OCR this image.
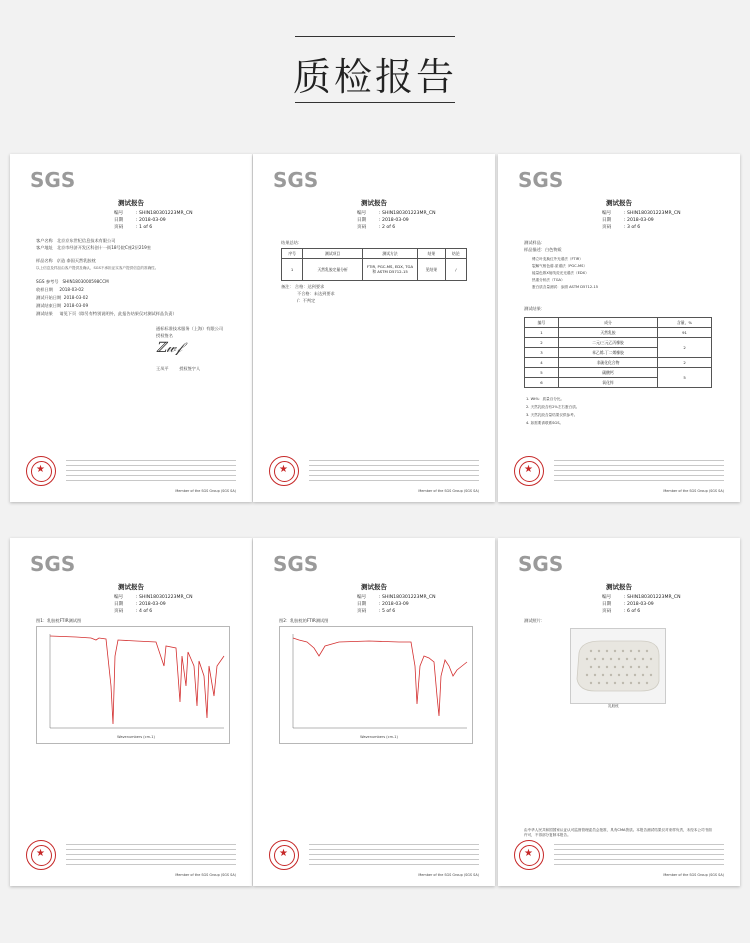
质检报告
SGS
测试报告
编号	: SHIN180301223MR_CN
日期	: 2018-03-09
页码	: 1 of 6
客户名称   北京京东世纪信息技术有限公司
客户地址   北京市经济开发区科创十一街18号院C座2层219室
样品名称   京造 泰国天然乳胶枕
以上信息及样品由客户提供及确认，SGS不承担证实客户提供信息的准确性。
SGS 参考号   SHIN1803000598CCM
收样日期     2018-03-02
测试开始日期  2018-03-02
测试结束日期  2018-03-09
测试结果     请见下页（除另有特别说明外，此报告结果仅对测试样品负责）
通标标准技术服务（上海）有限公司
授权签名
ℤ𝓌𝒻
王凤平	授权签字人
★
Member of the SGS Group (SGS SA)
SGS
测试报告
编号	: SHIN180301223MR_CN
日期	: 2018-03-09
页码	: 2 of 6
结果总结：
序号	测试项目	测试方法	结果	结论
1	天然乳胶定量分析	FTIR, PGC-MS, EDX, TGA 和 ASTM D5712-15	见结果	/
备注： 合格：达到要求
不合格：未达到要求
/：不判定
★
Member of the SGS Group (SGS SA)
SGS
测试报告
编号	: SHIN180301223MR_CN
日期	: 2018-03-09
页码	: 3 of 6
测试样品：
样品描述：白色物质
傅立叶变换红外光谱法（FTIR）
裂解气相色谱-质谱法（PGC-MS）
能量色散X射线荧光光谱法（EDX）
热重分析法（TGA）
蛋白质含量测试：参照 ASTM D5712-15
测试结果：
编号	成分	含量，%
1	天然乳胶	91
2	二元/三元乙丙橡胶	2
3	苯乙烯-丁二烯橡胶	
4	非硫化化合物	2
5	碳酸钙	5
6	氧化锌	
1. Wt%：质量百分比。
2. 天然乳胶含有2%左右蛋白质。
3. 天然乳胶含量结果仅供参考。
4. 如需要请联系SGS。
★
Member of the SGS Group (SGS SA)
SGS
测试报告
编号	: SHIN180301223MR_CN
日期	: 2018-03-09
页码	: 4 of 6
图1：乳胶枕FTIR测试图
Wavenumbers (cm-1)
★
Member of the SGS Group (SGS SA)
SGS
测试报告
编号	: SHIN180301223MR_CN
日期	: 2018-03-09
页码	: 5 of 6
图2：乳胶枕的FTIR测试图
Wavenumbers (cm-1)
★
Member of the SGS Group (SGS SA)
SGS
测试报告
编号	: SHIN180301223MR_CN
日期	: 2018-03-09
页码	: 6 of 6
测试照片：
乳胶枕
由中华人民共和国国家认证认可监督管理委员会批准，具有CMA资质。本报告测试结果仅对来样负责，未经本公司书面许可，不得部分复制本报告。
★
Member of the SGS Group (SGS SA)
